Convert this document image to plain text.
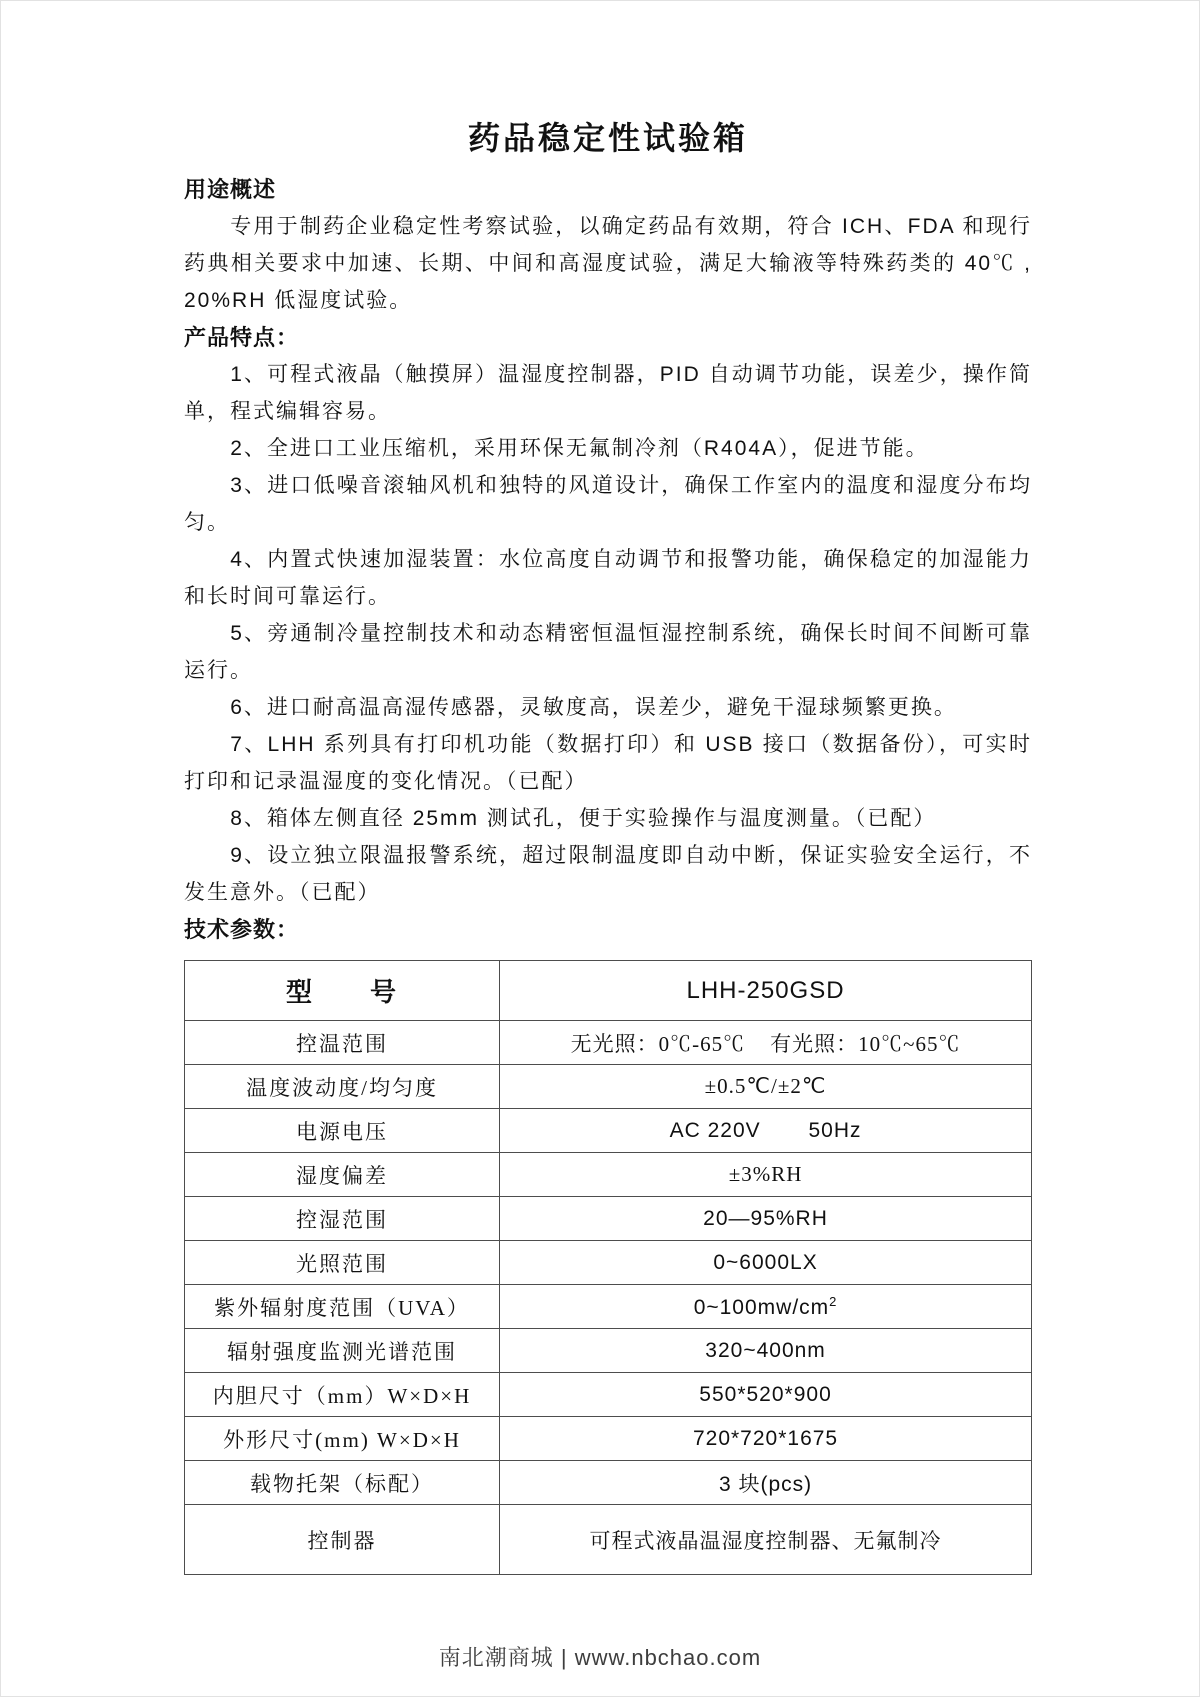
药品稳定性试验箱
用途概述

专用于制药企业稳定性考察试验，以确定药品有效期，符合 ICH、FDA 和现行药典相关要求中加速、长期、中间和高湿度试验，满足大输液等特殊药类的 40℃ , 20%RH 低湿度试验。

产品特点：

1、可程式液晶（触摸屏）温湿度控制器，PID 自动调节功能，误差少，操作简单，程式编辑容易。

2、全进口工业压缩机，采用环保无氟制冷剂（R404A），促进节能。

3、进口低噪音滚轴风机和独特的风道设计，确保工作室内的温度和湿度分布均匀。

4、内置式快速加湿装置：水位高度自动调节和报警功能，确保稳定的加湿能力和长时间可靠运行。

5、旁通制冷量控制技术和动态精密恒温恒湿控制系统，确保长时间不间断可靠运行。

6、进口耐高温高湿传感器，灵敏度高，误差少，避免干湿球频繁更换。

7、LHH 系列具有打印机功能（数据打印）和 USB 接口（数据备份），可实时打印和记录温湿度的变化情况。（已配）

8、箱体左侧直径 25mm 测试孔，便于实验操作与温度测量。（已配）

9、设立独立限温报警系统，超过限制温度即自动中断，保证实验安全运行，不发生意外。（已配）

技术参数：
型　　号	LHH-250GSD
控温范围	无光照：0℃-65℃    有光照：10℃~65℃
温度波动度/均匀度	±0.5℃/±2℃
电源电压	AC 220V       50Hz
湿度偏差	±3%RH
控湿范围	20—95%RH
光照范围	0~6000LX
紫外辐射度范围（UVA）	$0\sim 100mw/cm^2$
辐射强度监测光谱范围	320~400nm
内胆尺寸（mm）W×D×H	550*520*900
外形尺寸(mm) W×D×H	720*720*1675
载物托架（标配）	3 块(pcs)
控制器	可程式液晶温湿度控制器、无氟制冷
南北潮商城 | www.nbchao.com
